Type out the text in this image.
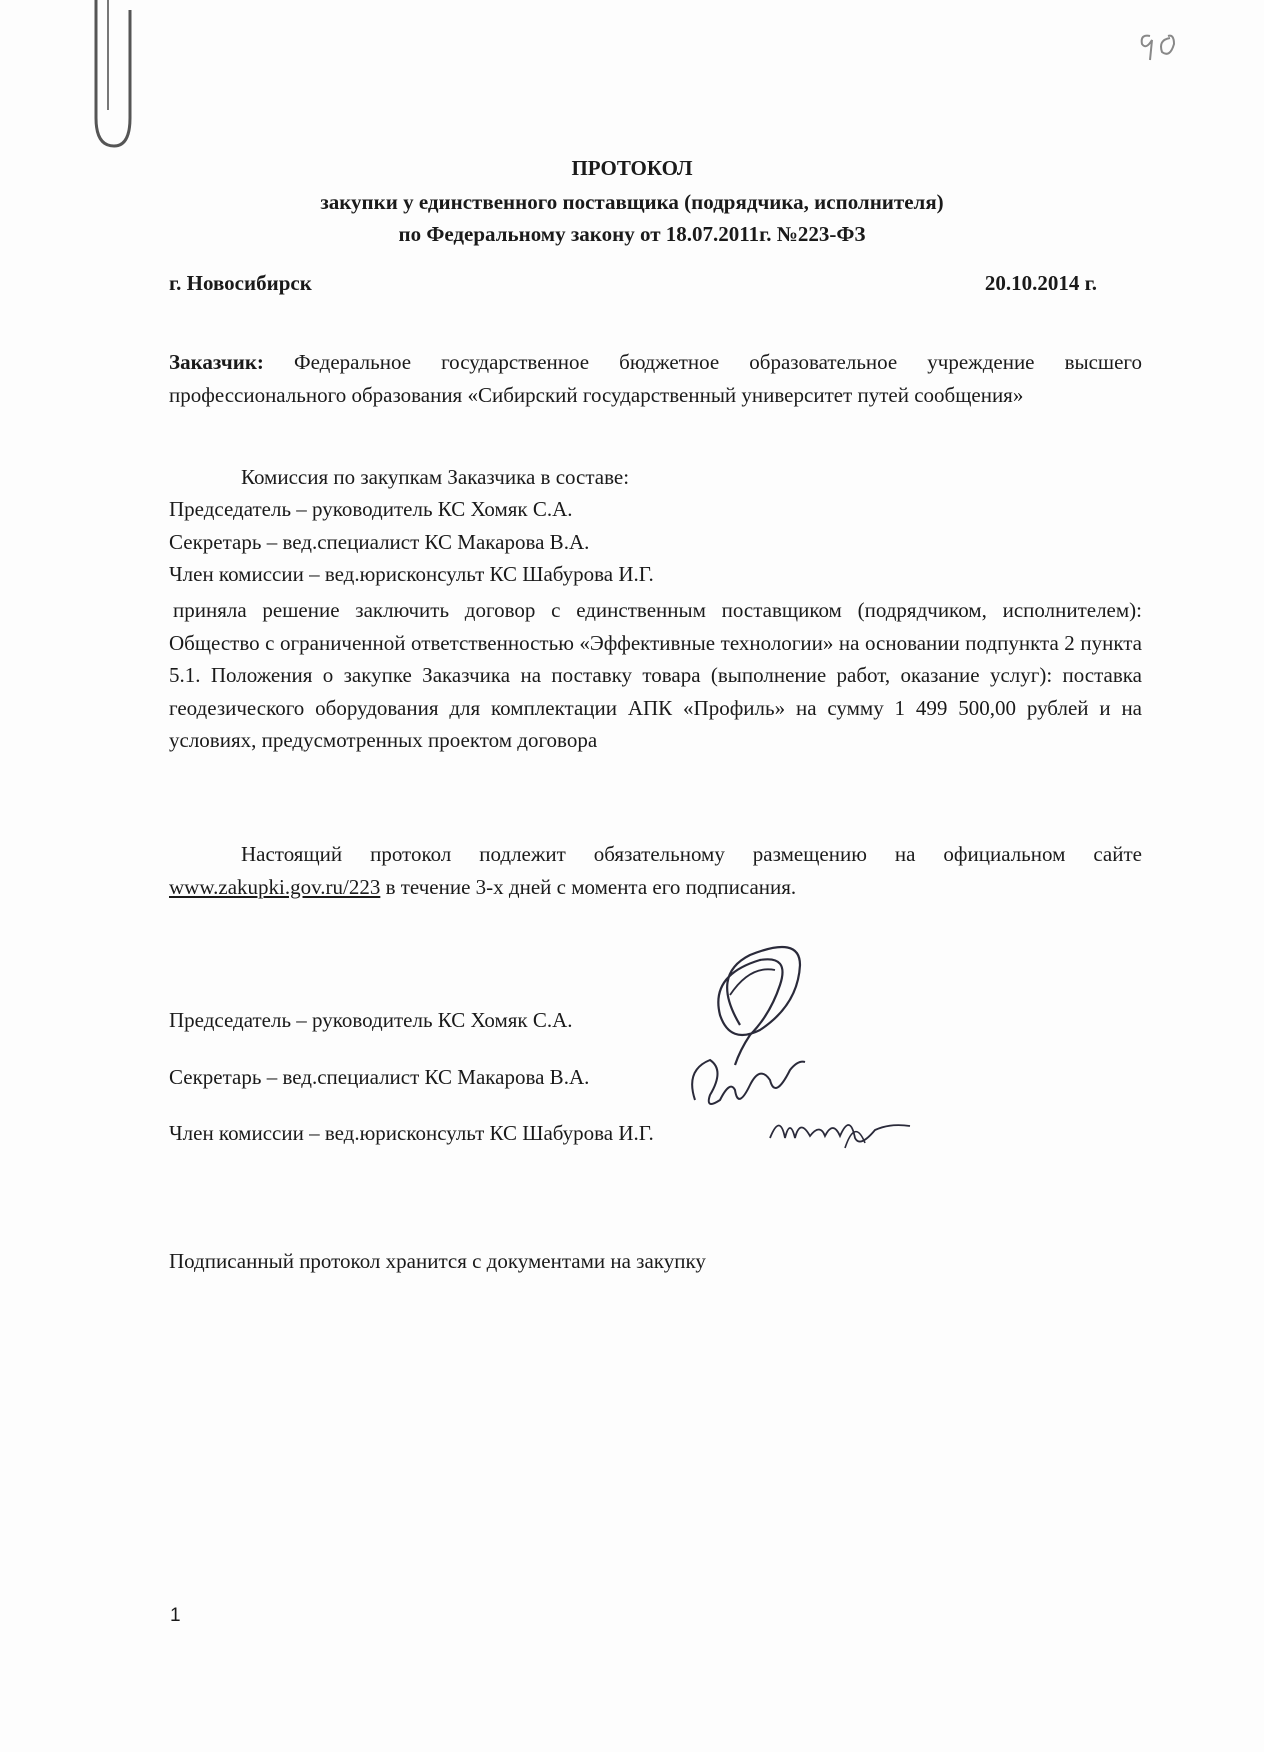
ПРОТОКОЛ
закупки у единственного поставщика (подрядчика, исполнителя)
по Федеральному закону от 18.07.2011г. №223-ФЗ
г. Новосибирск	20.10.2014 г.
Заказчик: Федеральное государственное бюджетное образовательное учреждение высшего профессионального образования «Сибирский государственный университет путей сообщения»
Комиссия по закупкам Заказчика в составе:
Председатель – руководитель КС Хомяк С.А.
Секретарь – вед.специалист КС Макарова В.А.
Член комиссии – вед.юрисконсульт КС Шабурова И.Г.
приняла решение заключить договор с единственным поставщиком (подрядчиком, исполнителем): Общество с ограниченной ответственностью «Эффективные технологии» на основании подпункта 2 пункта 5.1. Положения о закупке Заказчика на поставку товара (выполнение работ, оказание услуг): поставка геодезического оборудования для комплектации АПК «Профиль» на сумму 1 499 500,00 рублей и на условиях, предусмотренных проектом договора
Настоящий протокол подлежит обязательному размещению на официальном сайте www.zakupki.gov.ru/223 в течение 3-х дней с момента его подписания.
Председатель – руководитель КС Хомяк С.А.
Секретарь – вед.специалист КС Макарова В.А.
Член комиссии – вед.юрисконсульт КС Шабурова И.Г.
Подписанный протокол хранится с документами на закупку
1
